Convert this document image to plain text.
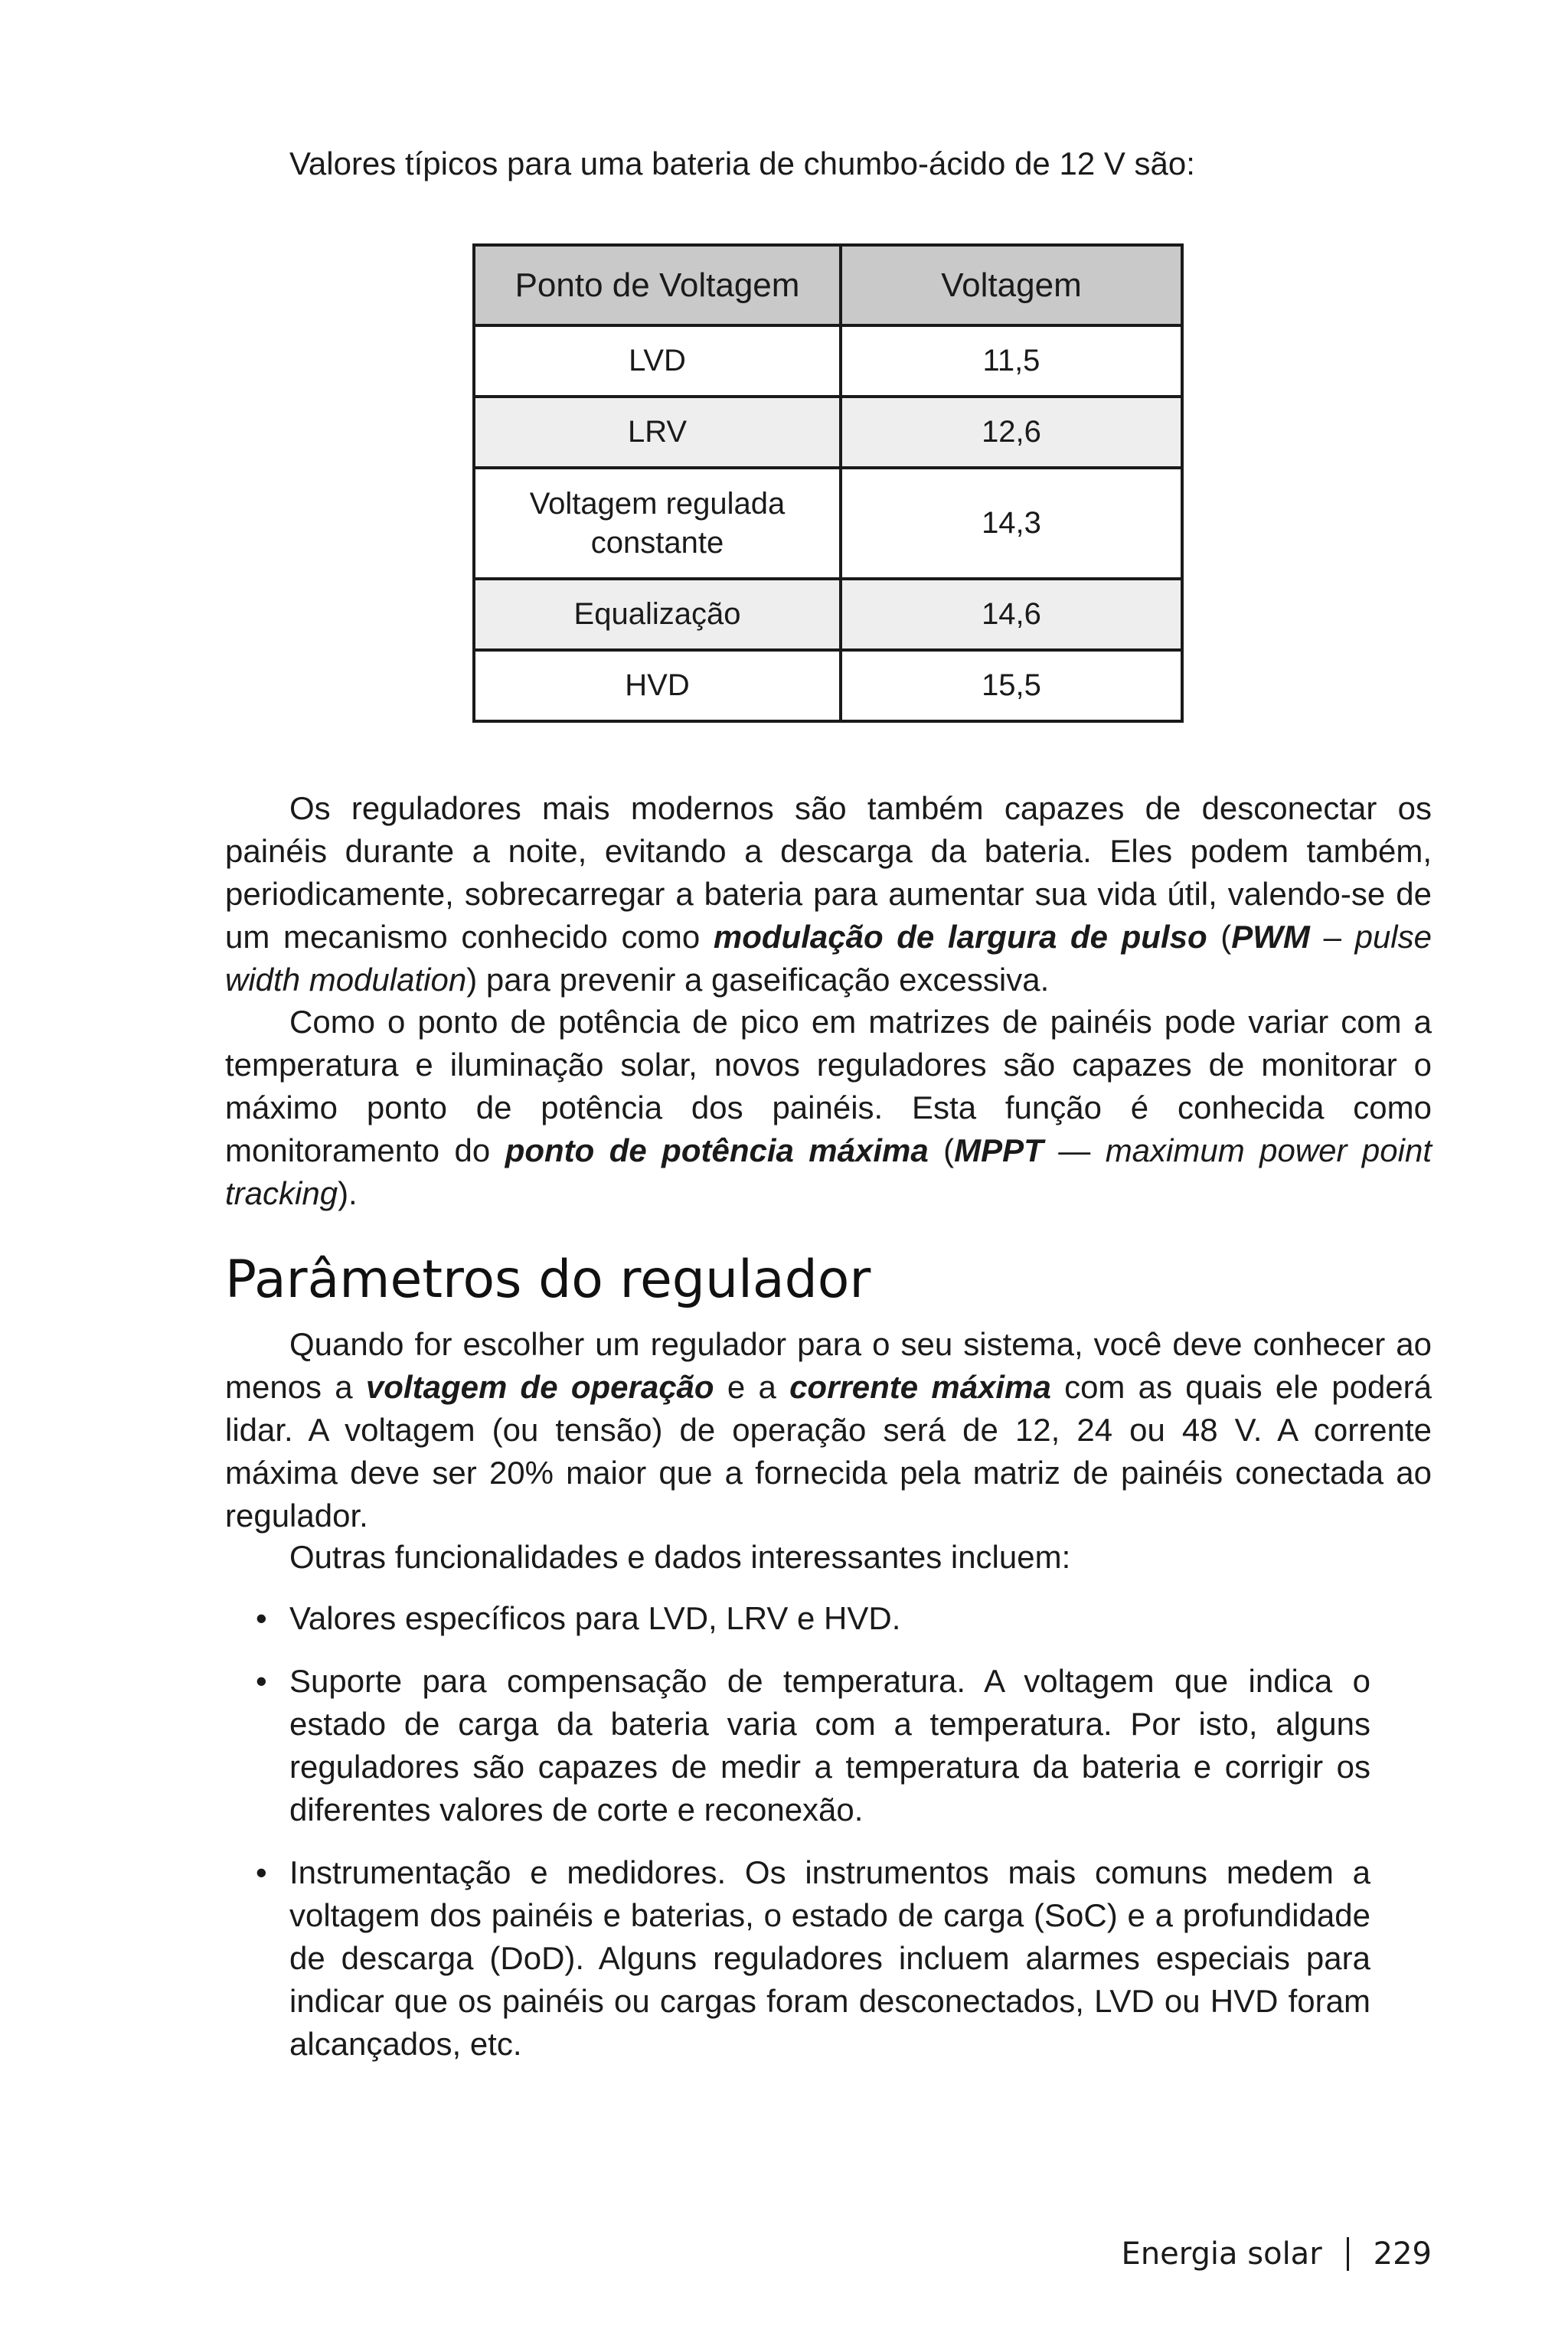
Valores típicos para uma bateria de chumbo-ácido de 12 V são:

Ponto de Voltagem	Voltagem
LVD	11,5
LRV	12,6
Voltagem regulada constante	14,3
Equalização	14,6
HVD	15,5

Os reguladores mais modernos são também capazes de desconectar os painéis durante a noite, evitando a descarga da bateria. Eles podem também, periodicamente, sobrecarregar a bateria para aumentar sua vida útil, valendo-se de um mecanismo conhecido como modulação de largura de pulso (PWM – pulse width modulation) para prevenir a gaseificação excessiva.

Como o ponto de potência de pico em matrizes de painéis pode variar com a temperatura e iluminação solar, novos reguladores são capazes de monitorar o máximo ponto de potência dos painéis. Esta função é conhecida como monitoramento do ponto de potência máxima (MPPT — maximum power point tracking).

Parâmetros do regulador

Quando for escolher um regulador para o seu sistema, você deve conhecer ao menos a voltagem de operação e a corrente máxima com as quais ele poderá lidar. A voltagem (ou tensão) de operação será de 12, 24 ou 48 V. A corrente máxima deve ser 20% maior que a fornecida pela matriz de painéis conectada ao regulador.

Outras funcionalidades e dados interessantes incluem:

• Valores específicos para LVD, LRV e HVD.
• Suporte para compensação de temperatura. A voltagem que indica o estado de carga da bateria varia com a temperatura. Por isto, alguns reguladores são capazes de medir a temperatura da bateria e corrigir os diferentes valores de corte e reconexão.
• Instrumentação e medidores. Os instrumentos mais comuns medem a voltagem dos painéis e baterias, o estado de carga (SoC) e a profundidade de descarga (DoD). Alguns reguladores incluem alarmes especiais para indicar que os painéis ou cargas foram desconectados, LVD ou HVD foram alcançados, etc.
Energia solar 229
